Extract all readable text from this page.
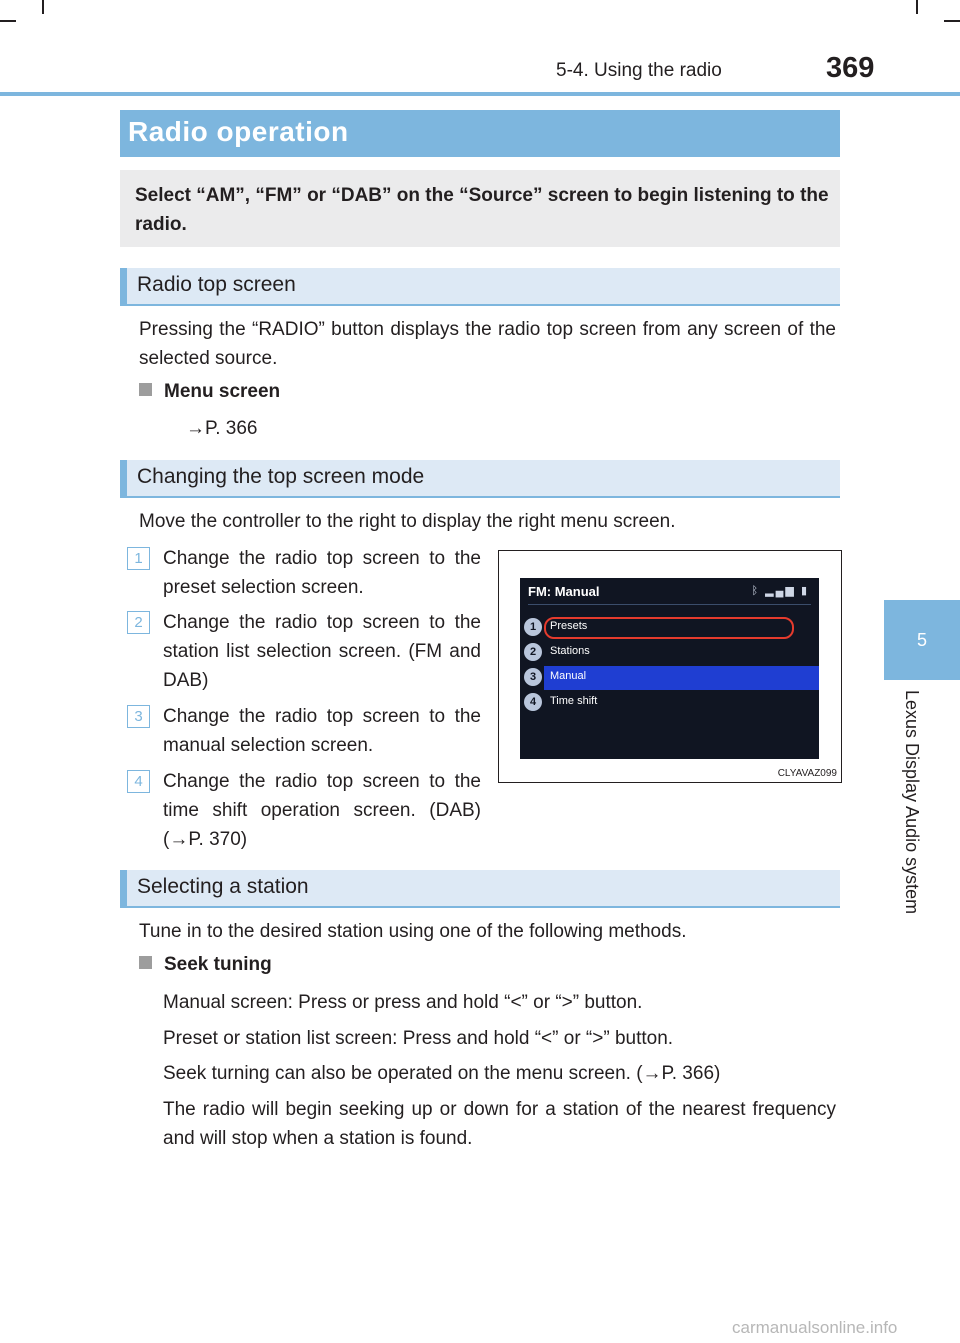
5-4. Using the radio	369
5
Lexus Display Audio system
Radio operation

Select “AM”, “FM” or “DAB” on the “Source” screen to begin listening to the radio.

Radio top screen
Pressing the “RADIO” button displays the radio top screen from any screen of the selected source.
Menu screen
→P. 366
Changing the top screen mode
Move the controller to the right to display the right menu screen.
1	Change the radio top screen to the preset selection screen.
2	Change the radio top screen to the station list selection screen. (FM and DAB)
3	Change the radio top screen to the manual selection screen.
4	Change the radio top screen to the time shift operation screen. (DAB) (→P. 370)
FM: Manual	ᛒ ▂▄▆ ▮
1	Presets
2	Stations
3	Manual
4	Time shift
CLYAVAZ099
Selecting a station
Tune in to the desired station using one of the following methods.
Seek tuning
Manual screen: Press or press and hold “<” or “>” button.
Preset or station list screen: Press and hold “<” or “>” button.
Seek turning can also be operated on the menu screen. (→P. 366)
The radio will begin seeking up or down for a station of the nearest frequency and will stop when a station is found.
carmanualsonline.info
